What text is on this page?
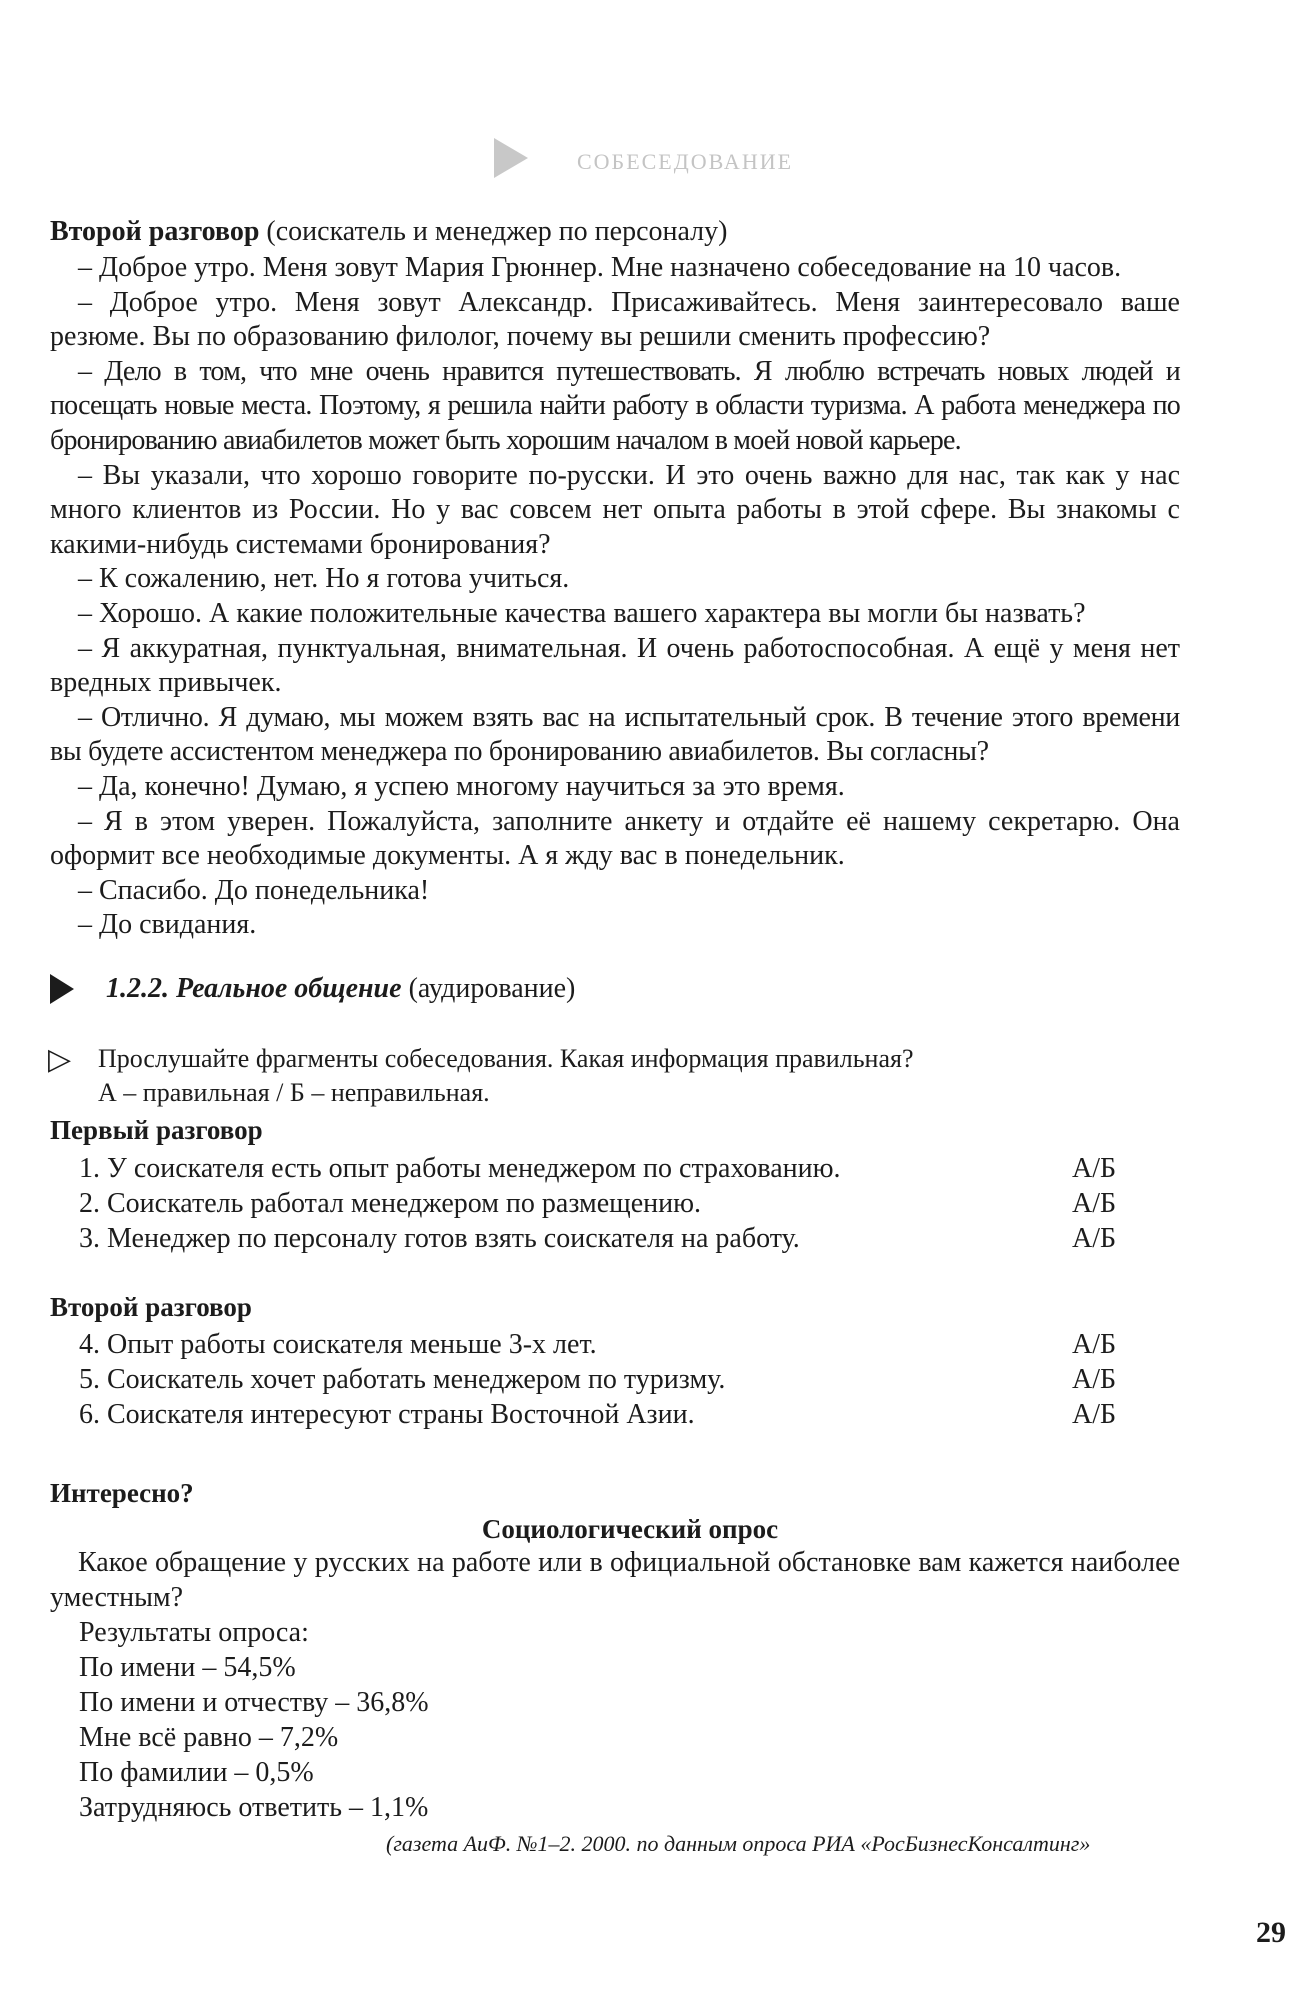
СОБЕСЕДОВАНИЕ
Второй разговор (соискатель и менеджер по персоналу)

– Доброе утро. Меня зовут Мария Грюннер. Мне назначено собеседование на 10 часов.

– Доброе утро. Меня зовут Александр. Присаживайтесь. Меня заинтересовало ваше резюме. Вы по образованию филолог, почему вы решили сменить профессию?

– Дело в том, что мне очень нравится путешествовать. Я люблю встречать новых людей и посещать новые места. Поэтому, я решила найти работу в области туризма. А работа менеджера по бронированию авиабилетов может быть хорошим началом в моей новой карьере.

– Вы указали, что хорошо говорите по-русски. И это очень важно для нас, так как у нас много клиентов из России. Но у вас совсем нет опыта работы в этой сфере. Вы знакомы с какими-нибудь системами бронирования?

– К сожалению, нет. Но я готова учиться.

– Хорошо. А какие положительные качества вашего характера вы могли бы назвать?

– Я аккуратная, пунктуальная, внимательная. И очень работоспособная. А ещё у меня нет вредных привычек.

– Отлично. Я думаю, мы можем взять вас на испытательный срок. В течение этого времени вы будете ассистентом менеджера по бронированию авиабилетов. Вы согласны?

– Да, конечно! Думаю, я успею многому научиться за это время.

– Я в этом уверен. Пожалуйста, заполните анкету и отдайте её нашему секретарю. Она оформит все необходимые документы. А я жду вас в понедельник.

– Спасибо. До понедельника!

– До свидания.

1.2.2. Реальное общение (аудирование)
▷ Прослушайте фрагменты собеседования. Какая информация правильная?
А – правильная / Б – неправильная.
Первый разговор
1. У соискателя есть опыт работы менеджером по страхованию.	А/Б
2. Соискатель работал менеджером по размещению.	А/Б
3. Менеджер по персоналу готов взять соискателя на работу.	А/Б
Второй разговор
4. Опыт работы соискателя меньше 3-х лет.	А/Б
5. Соискатель хочет работать менеджером по туризму.	А/Б
6. Соискателя интересуют страны Восточной Азии.	А/Б
Интересно?
Социологический опрос

Какое обращение у русских на работе или в официальной обстановке вам кажется наиболее уместным?

Результаты опроса:
По имени – 54,5%
По имени и отчеству – 36,8%
Мне всё равно – 7,2%
По фамилии – 0,5%
Затрудняюсь ответить – 1,1%
(газета АиФ. №1–2. 2000. по данным опроса РИА «РосБизнесКонсалтинг»
29
